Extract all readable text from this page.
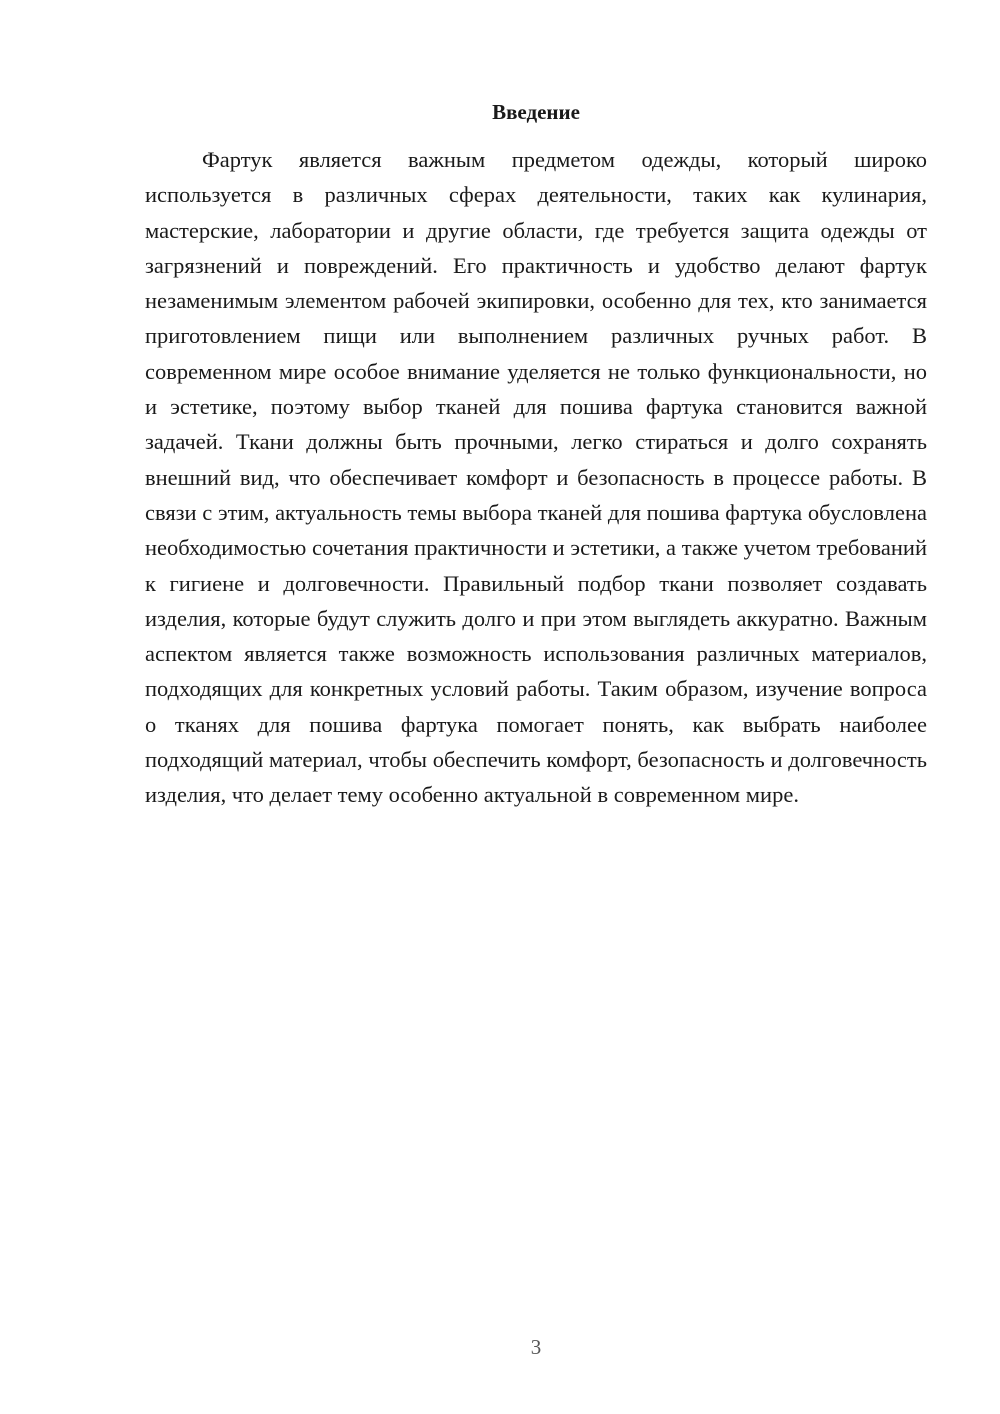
Введение

Фартук является важным предметом одежды, который широко используется в различных сферах деятельности, таких как кулинария, мастерские, лаборатории и другие области, где требуется защита одежды от загрязнений и повреждений. Его практичность и удобство делают фартук незаменимым элементом рабочей экипировки, особенно для тех, кто занимается приготовлением пищи или выполнением различных ручных работ. В современном мире особое внимание уделяется не только функциональности, но и эстетике, поэтому выбор тканей для пошива фартука становится важной задачей. Ткани должны быть прочными, легко стираться и долго сохранять внешний вид, что обеспечивает комфорт и безопасность в процессе работы. В связи с этим, актуальность темы выбора тканей для пошива фартука обусловлена необходимостью сочетания практичности и эстетики, а также учетом требований к гигиене и долговечности. Правильный подбор ткани позволяет создавать изделия, которые будут служить долго и при этом выглядеть аккуратно. Важным аспектом является также возможность использования различных материалов, подходящих для конкретных условий работы. Таким образом, изучение вопроса о тканях для пошива фартука помогает понять, как выбрать наиболее подходящий материал, чтобы обеспечить комфорт, безопасность и долговечность изделия, что делает тему особенно актуальной в современном мире.

3
